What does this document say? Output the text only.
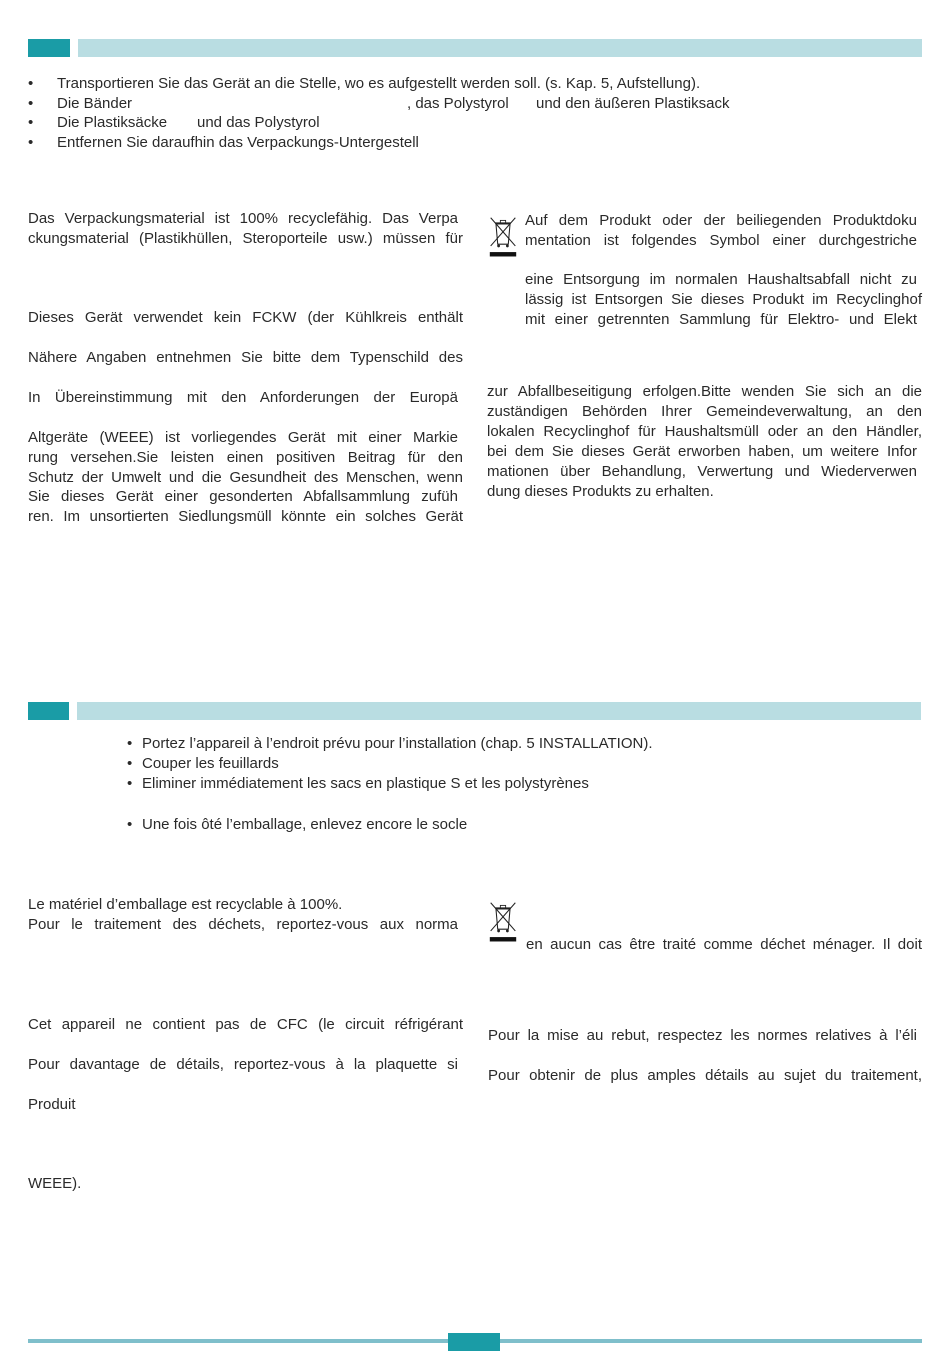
• Transportieren Sie das Gerät an die Stelle, wo es aufgestellt werden soll. (s. Kap. 5, Aufstellung).
• Die Bänder	, das Polystyrol und den äußeren Plastiksack
• Die Plastiksäcke und das Polystyrol
• Entfernen Sie daraufhin das Verpackungs-Untergestell
Das Verpackungsmaterial ist 100% recyclefähig. Das Verpa
ckungsmaterial (Plastikhüllen, Steroporteile usw.) müssen für
Dieses Gerät verwendet kein FCKW (der Kühlkreis enthält
Nähere Angaben entnehmen Sie bitte dem Typenschild des
In Übereinstimmung mit den Anforderungen der Europä
Altgeräte (WEEE) ist vorliegendes Gerät mit einer Markie
rung versehen.Sie leisten einen positiven Beitrag für den
Schutz der Umwelt und die Gesundheit des Menschen, wenn
Sie dieses Gerät einer gesonderten Abfallsammlung zufüh
ren. Im unsortierten Siedlungsmüll könnte ein solches Gerät
Auf dem Produkt oder der beiliegenden Produktdoku
mentation ist folgendes Symbol einer durchgestriche
eine Entsorgung im normalen Haushaltsabfall nicht zu
lässig ist Entsorgen Sie dieses Produkt im Recyclinghof
mit einer getrennten Sammlung für Elektro- und Elekt
zur Abfallbeseitigung erfolgen.Bitte wenden Sie sich an die
zuständigen Behörden Ihrer Gemeindeverwaltung, an den
lokalen Recyclinghof für Haushaltsmüll oder an den Händler,
bei dem Sie dieses Gerät erworben haben, um weitere Infor
mationen über Behandlung, Verwertung und Wiederverwen
dung dieses Produkts zu erhalten.
• Portez l’appareil à l’endroit prévu pour l’installation (chap. 5 INSTALLATION).
• Couper les feuillards
• Eliminer immédiatement les sacs en plastique S et les polystyrènes
• Une fois ôté l’emballage, enlevez encore le socle
Le matériel d’emballage est recyclable à 100%.
Pour le traitement des déchets, reportez-vous aux norma
Cet appareil ne contient pas de CFC (le circuit réfrigérant
Pour davantage de détails, reportez-vous à la plaquette si
Produit
WEEE).
en aucun cas être traité comme déchet ménager. Il doit
Pour la mise au rebut, respectez les normes relatives à l’éli
Pour obtenir de plus amples détails au sujet du traitement,
